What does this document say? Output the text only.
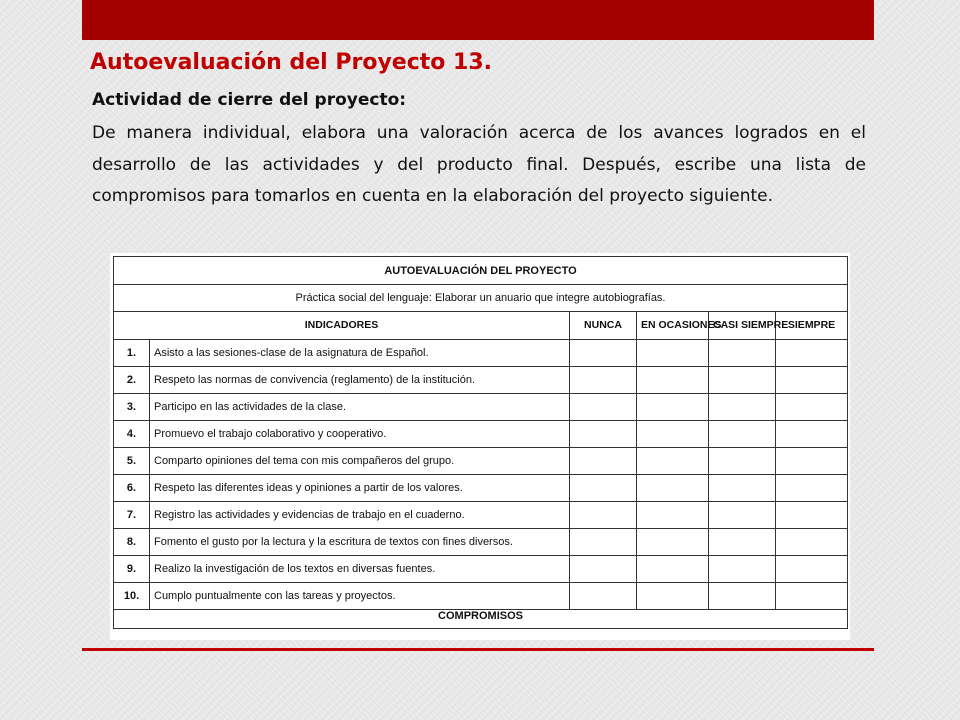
Autoevaluación del Proyecto 13.
Actividad de cierre del proyecto:

De manera individual, elabora una valoración acerca de los avances logrados en el desarrollo de las actividades y del producto final. Después, escribe una lista de compromisos para tomarlos en cuenta en la elaboración del proyecto siguiente.

AUTOEVALUACIÓN DEL PROYECTO					
Práctica social del lenguaje: Elaborar un anuario que integre autobiografías.					
INDICADORES		NUNCA	EN OCASIONES	CASI SIEMPRE	SIEMPRE
1.	Asisto a las sesiones-clase de la asignatura de Español.				
2.	Respeto las normas de convivencia (reglamento) de la institución.				
3.	Participo en las actividades de la clase.				
4.	Promuevo el trabajo colaborativo y cooperativo.				
5.	Comparto opiniones del tema con mis compañeros del grupo.				
6.	Respeto las diferentes ideas y opiniones a partir de los valores.				
7.	Registro las actividades y evidencias de trabajo en el cuaderno.				
8.	Fomento el gusto por la lectura y la escritura de textos con fines diversos.				
9.	Realizo la investigación de los textos en diversas fuentes.				
10.	Cumplo puntualmente con las tareas y proyectos.				
COMPROMISOS					
